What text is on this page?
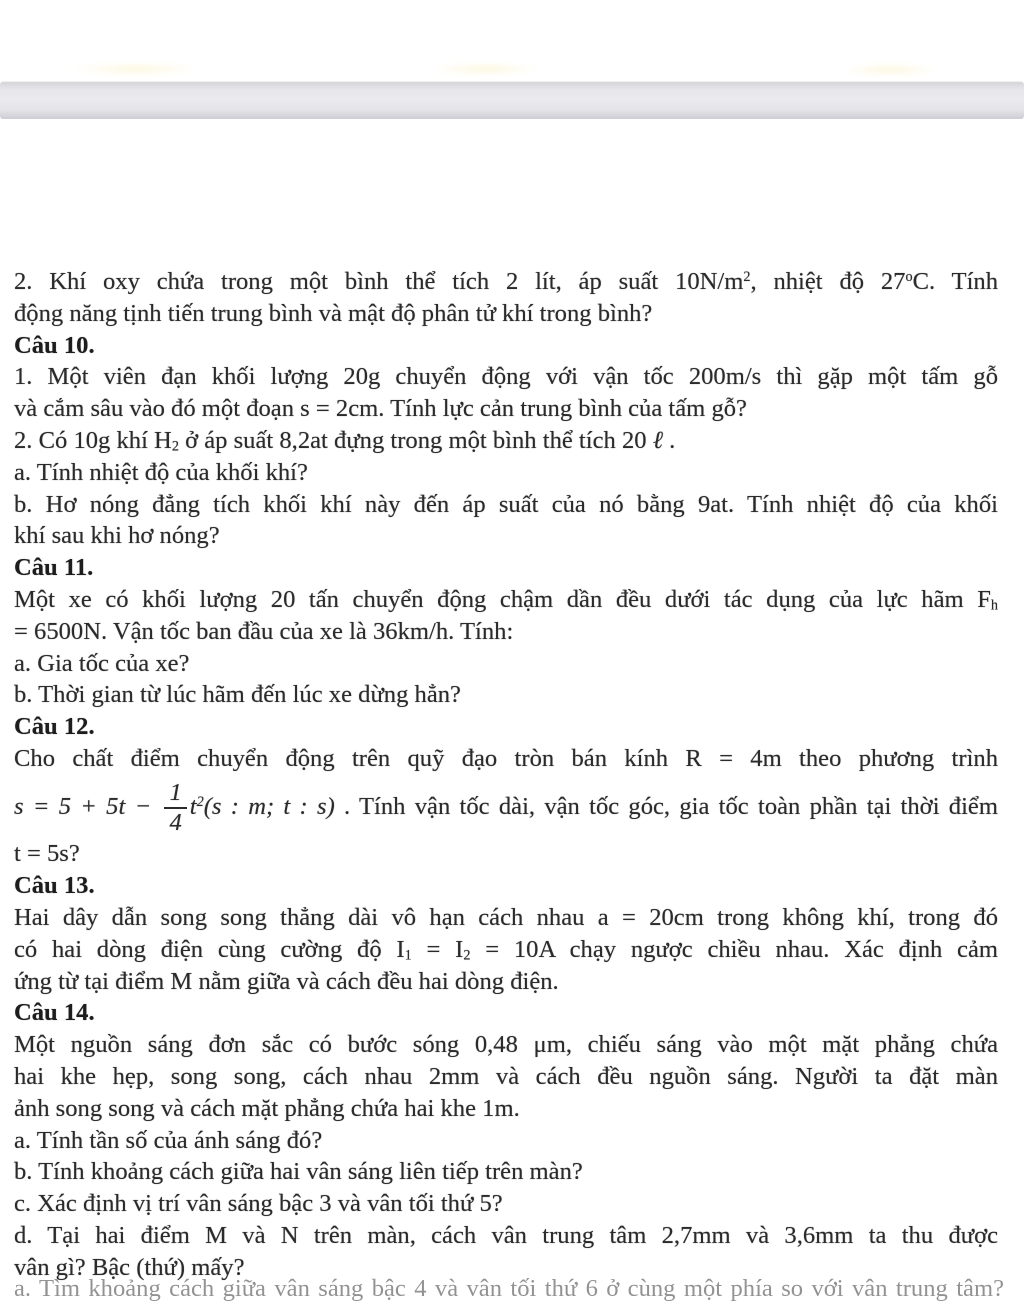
2. Khí oxy chứa trong một bình thể tích 2 lít, áp suất $10N/m^2$, nhiệt độ 27$^o$C. Tính
động năng tịnh tiến trung bình và mật độ phân tử khí trong bình?
Câu 10.
1. Một viên đạn khối lượng 20g chuyển động với vận tốc 200m/s thì gặp một tấm gỗ
và cắm sâu vào đó một đoạn s = 2cm. Tính lực cản trung bình của tấm gỗ?
2. Có 10g khí H2 ở áp suất 8,2at đựng trong một bình thể tích 20 ℓ .
a. Tính nhiệt độ của khối khí?
b. Hơ nóng đẳng tích khối khí này đến áp suất của nó bằng 9at. Tính nhiệt độ của khối
khí sau khi hơ nóng?
Câu 11.
Một xe có khối lượng 20 tấn chuyển động chậm dần đều dưới tác dụng của lực hãm Fh
= 6500N. Vận tốc ban đầu của xe là 36km/h. Tính:
a. Gia tốc của xe?
b. Thời gian từ lúc hãm đến lúc xe dừng hẳn?
Câu 12.
Cho chất điểm chuyển động trên quỹ đạo tròn bán kính R = 4m theo phương trình
$s = 5 + 5t - \frac{1}{4} t^2(s$ : m; t : s) . Tính vận tốc dài, vận tốc góc, gia tốc toàn phần tại thời điểm
t = 5s?
Câu 13.
Hai dây dẫn song song thẳng dài vô hạn cách nhau a = 20cm trong không khí, trong đó
có hai dòng điện cùng cường độ I1 = I2 = 10A chạy ngược chiều nhau. Xác định cảm
ứng từ tại điểm M nằm giữa và cách đều hai dòng điện.
Câu 14.
Một nguồn sáng đơn sắc có bước sóng 0,48 μm, chiếu sáng vào một mặt phẳng chứa
hai khe hẹp, song song, cách nhau 2mm và cách đều nguồn sáng. Người ta đặt màn
ảnh song song và cách mặt phẳng chứa hai khe 1m.
a. Tính tần số của ánh sáng đó?
b. Tính khoảng cách giữa hai vân sáng liên tiếp trên màn?
c. Xác định vị trí vân sáng bậc 3 và vân tối thứ 5?
d. Tại hai điểm M và N trên màn, cách vân trung tâm 2,7mm và 3,6mm ta thu được
vân gì? Bậc (thứ) mấy?
a. Tìm khoảng cách giữa vân sáng bậc 4 và vân tối thứ 6 ở cùng một phía so với vân trung tâm?
